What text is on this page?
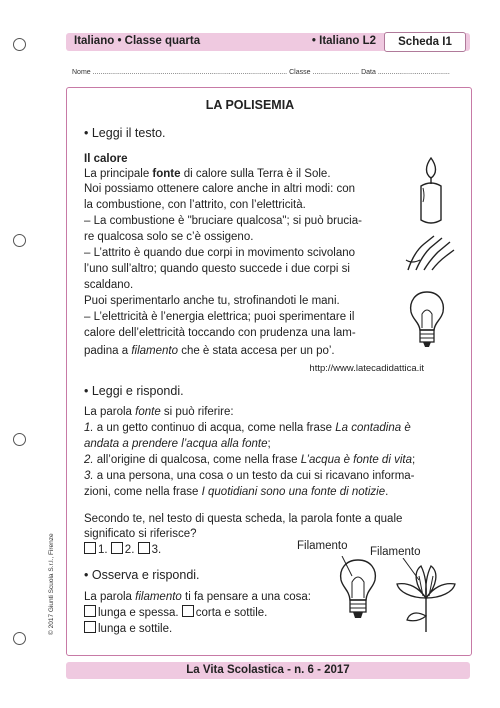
Italiano • Classe quarta	• Italiano L2	Scheda I1
Nome .................................................................................................... Classe ........................ Data .....................................
LA POLISEMIA
• Leggi il testo.
Il calore
La principale fonte di calore sulla Terra è il Sole.
Noi possiamo ottenere calore anche in altri modi: con
la combustione, con l’attrito, con l’elettricità.
– La combustione è "bruciare qualcosa"; si può brucia-
re qualcosa solo se c’è ossigeno.
– L’attrito è quando due corpi in movimento scivolano
l’uno sull’altro; quando questo succede i due corpi si
scaldano.
Puoi sperimentarlo anche tu, strofinandoti le mani.
– L’elettricità è l’energia elettrica; puoi sperimentare il
calore dell’elettricità toccando con prudenza una lam-
padina a filamento che è stata accesa per un po’.
http://www.latecadidattica.it
• Leggi e rispondi.
La parola fonte si può riferire:
1. a un getto continuo di acqua, come nella frase La contadina è
andata a prendere l’acqua alla fonte;
2. all’origine di qualcosa, come nella frase L’acqua è fonte di vita;
3. a una persona, una cosa o un testo da cui si ricavano informa-
zioni, come nella frase I quotidiani sono una fonte di notizie.
Secondo te, nel testo di questa scheda, la parola fonte a quale
significato si riferisce?
1. 2. 3.
• Osserva e rispondi.
La parola filamento ti fa pensare a una cosa:
lunga e spessa. corta e sottile.
lunga e sottile.
Filamento Filamento
© 2017 Giunti Scuola S.r.l., Firenze
La Vita Scolastica - n. 6 - 2017
